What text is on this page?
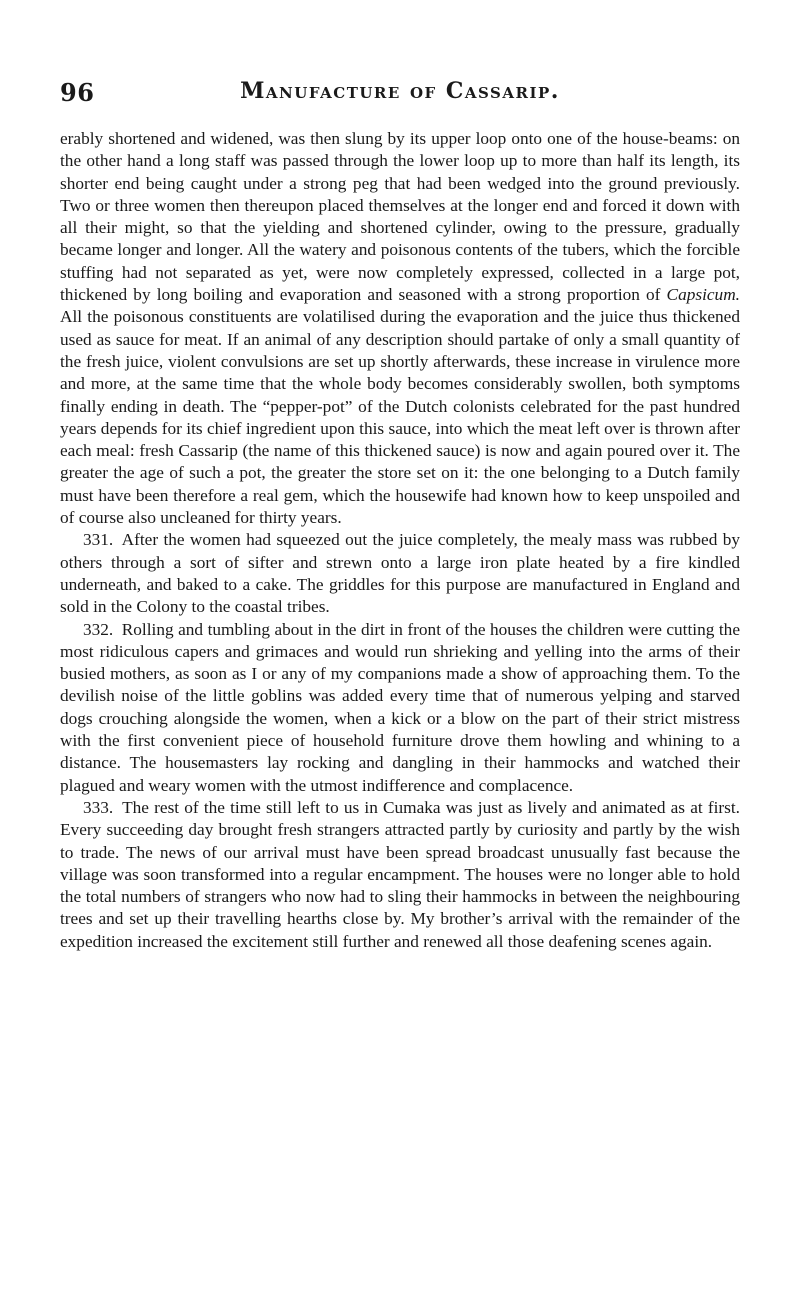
96	Manufacture of Cassarip.

erably shortened and widened, was then slung by its upper loop onto one of the house-beams: on the other hand a long staff was passed through the lower loop up to more than half its length, its shorter end being caught under a strong peg that had been wedged into the ground previously. Two or three women then thereupon placed themselves at the longer end and forced it down with all their might, so that the yielding and shortened cylinder, owing to the pressure, gradually became longer and longer. All the watery and poisonous contents of the tubers, which the forcible stuffing had not separated as yet, were now completely expressed, collected in a large pot, thickened by long boiling and evaporation and seasoned with a strong proportion of Capsicum. All the poisonous constituents are volatilised during the evaporation and the juice thus thickened used as sauce for meat. If an animal of any description should partake of only a small quantity of the fresh juice, violent convulsions are set up shortly afterwards, these increase in virulence more and more, at the same time that the whole body becomes considerably swollen, both symptoms finally ending in death. The “pepper-pot” of the Dutch colonists celebrated for the past hundred years depends for its chief ingredient upon this sauce, into which the meat left over is thrown after each meal: fresh Cassarip (the name of this thickened sauce) is now and again poured over it. The greater the age of such a pot, the greater the store set on it: the one belonging to a Dutch family must have been therefore a real gem, which the housewife had known how to keep unspoiled and of course also uncleaned for thirty years.

331. After the women had squeezed out the juice completely, the mealy mass was rubbed by others through a sort of sifter and strewn onto a large iron plate heated by a fire kindled underneath, and baked to a cake. The griddles for this purpose are manufactured in England and sold in the Colony to the coastal tribes.

332. Rolling and tumbling about in the dirt in front of the houses the children were cutting the most ridiculous capers and grimaces and would run shrieking and yelling into the arms of their busied mothers, as soon as I or any of my companions made a show of approaching them. To the devilish noise of the little goblins was added every time that of numerous yelping and starved dogs crouching alongside the women, when a kick or a blow on the part of their strict mistress with the first convenient piece of household furniture drove them howling and whining to a distance. The housemasters lay rocking and dangling in their hammocks and watched their plagued and weary women with the utmost indifference and complacence.

333. The rest of the time still left to us in Cumaka was just as lively and animated as at first. Every succeeding day brought fresh strangers attracted partly by curiosity and partly by the wish to trade. The news of our arrival must have been spread broadcast unusually fast because the village was soon transformed into a regular encampment. The houses were no longer able to hold the total numbers of strangers who now had to sling their hammocks in between the neighbouring trees and set up their travelling hearths close by. My brother’s arrival with the remainder of the expedition increased the excitement still further and renewed all those deafening scenes again.
